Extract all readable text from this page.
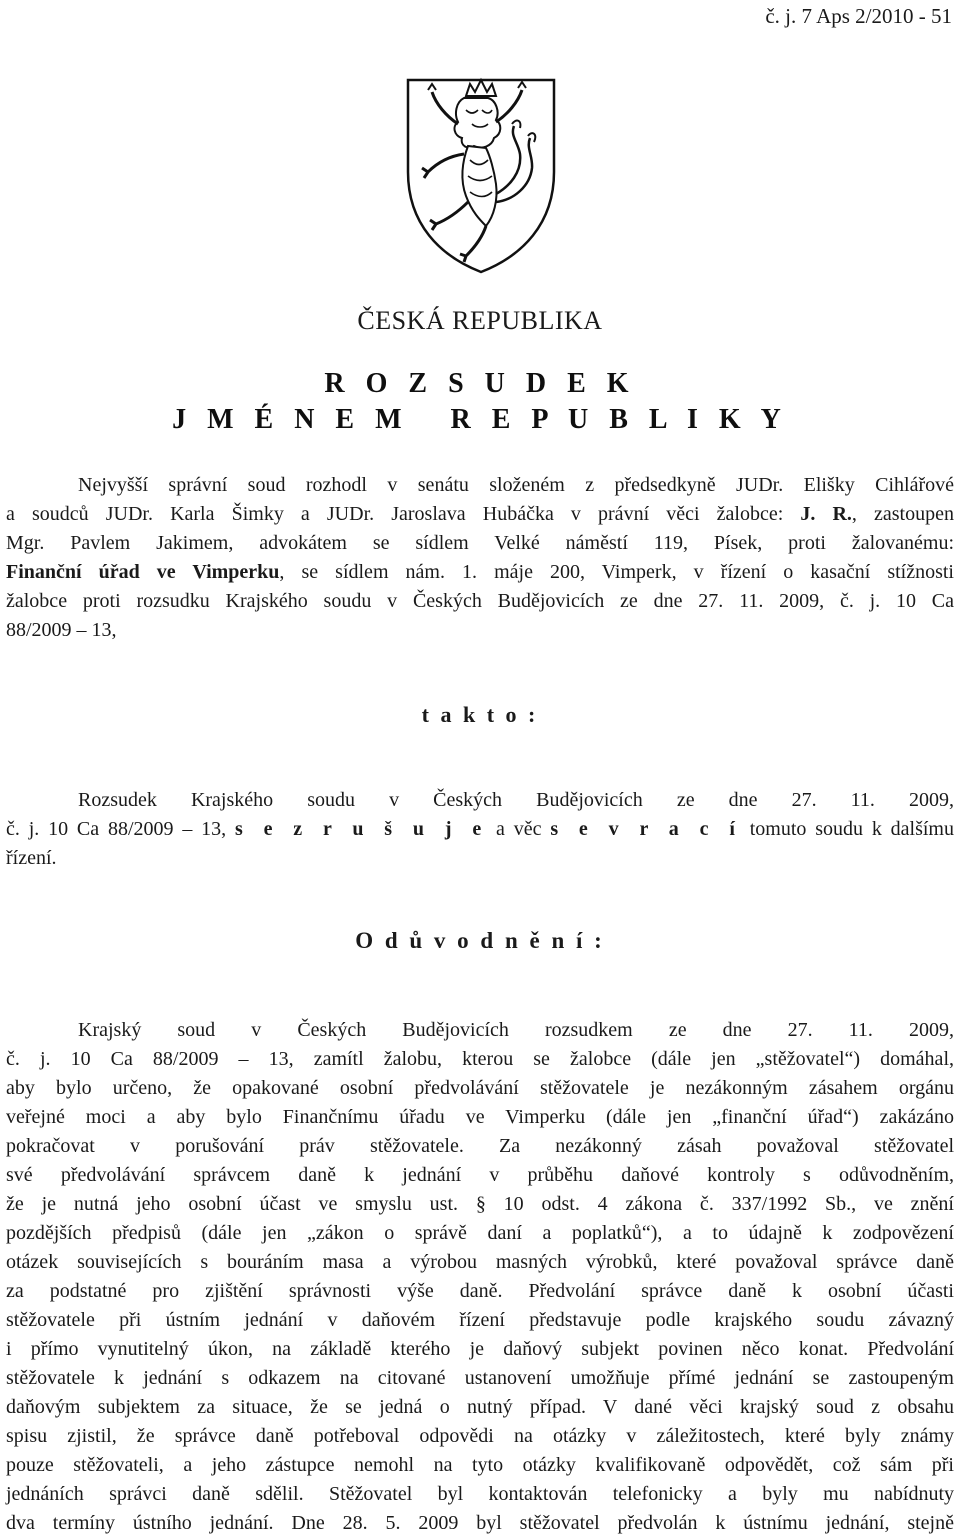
č. j. 7 Aps 2/2010 - 51
ČESKÁ REPUBLIKA
R O Z S U D E K
J M É N E M   R E P U B L I K Y
Nejvyšší správní soud rozhodl v senátu složeném z předsedkyně JUDr. Elišky Cihlářové
a soudců JUDr. Karla Šimky a JUDr. Jaroslava Hubáčka v právní věci žalobce: J. R., zastoupen
Mgr. Pavlem Jakimem, advokátem se sídlem Velké náměstí 119, Písek, proti žalovanému:
Finanční úřad ve Vimperku, se sídlem nám. 1. máje 200, Vimperk, v řízení o kasační stížnosti
žalobce proti rozsudku Krajského soudu v Českých Budějovicích ze dne 27. 11. 2009, č. j. 10 Ca
88/2009 – 13,
t a k t o :
Rozsudek Krajského soudu v Českých Budějovicích ze dne 27. 11. 2009,
č. j. 10 Ca 88/2009 – 13, s e z r u š u j e a věc s e v r a c í tomuto soudu k dalšímu
řízení.
O d ů v o d n ě n í :
Krajský soud v Českých Budějovicích rozsudkem ze dne 27. 11. 2009,
č. j. 10 Ca 88/2009 – 13, zamítl žalobu, kterou se žalobce (dále jen „stěžovatel“) domáhal,
aby bylo určeno, že opakované osobní předvolávání stěžovatele je nezákonným zásahem orgánu
veřejné moci a aby bylo Finančnímu úřadu ve Vimperku (dále jen „finanční úřad“) zakázáno
pokračovat v porušování práv stěžovatele. Za nezákonný zásah považoval stěžovatel
své předvolávání správcem daně k jednání v průběhu daňové kontroly s odůvodněním,
že je nutná jeho osobní účast ve smyslu ust. § 10 odst. 4 zákona č. 337/1992 Sb., ve znění
pozdějších předpisů (dále jen „zákon o správě daní a poplatků“), a to údajně k zodpovězení
otázek souvisejících s bouráním masa a výrobou masných výrobků, které považoval správce daně
za podstatné pro zjištění správnosti výše daně. Předvolání správce daně k osobní účasti
stěžovatele při ústním jednání v daňovém řízení představuje podle krajského soudu závazný
i přímo vynutitelný úkon, na základě kterého je daňový subjekt povinen něco konat. Předvolání
stěžovatele k jednání s odkazem na citované ustanovení umožňuje přímé jednání se zastoupeným
daňovým subjektem za situace, že se jedná o nutný případ. V dané věci krajský soud z obsahu
spisu zjistil, že správce daně potřeboval odpovědi na otázky v záležitostech, které byly známy
pouze stěžovateli, a jeho zástupce nemohl na tyto otázky kvalifikovaně odpovědět, což sám při
jednáních správci daně sdělil. Stěžovatel byl kontaktován telefonicky a byly mu nabídnuty
dva termíny ústního jednání. Dne 28. 5. 2009 byl stěžovatel předvolán k ústnímu jednání, stejně
